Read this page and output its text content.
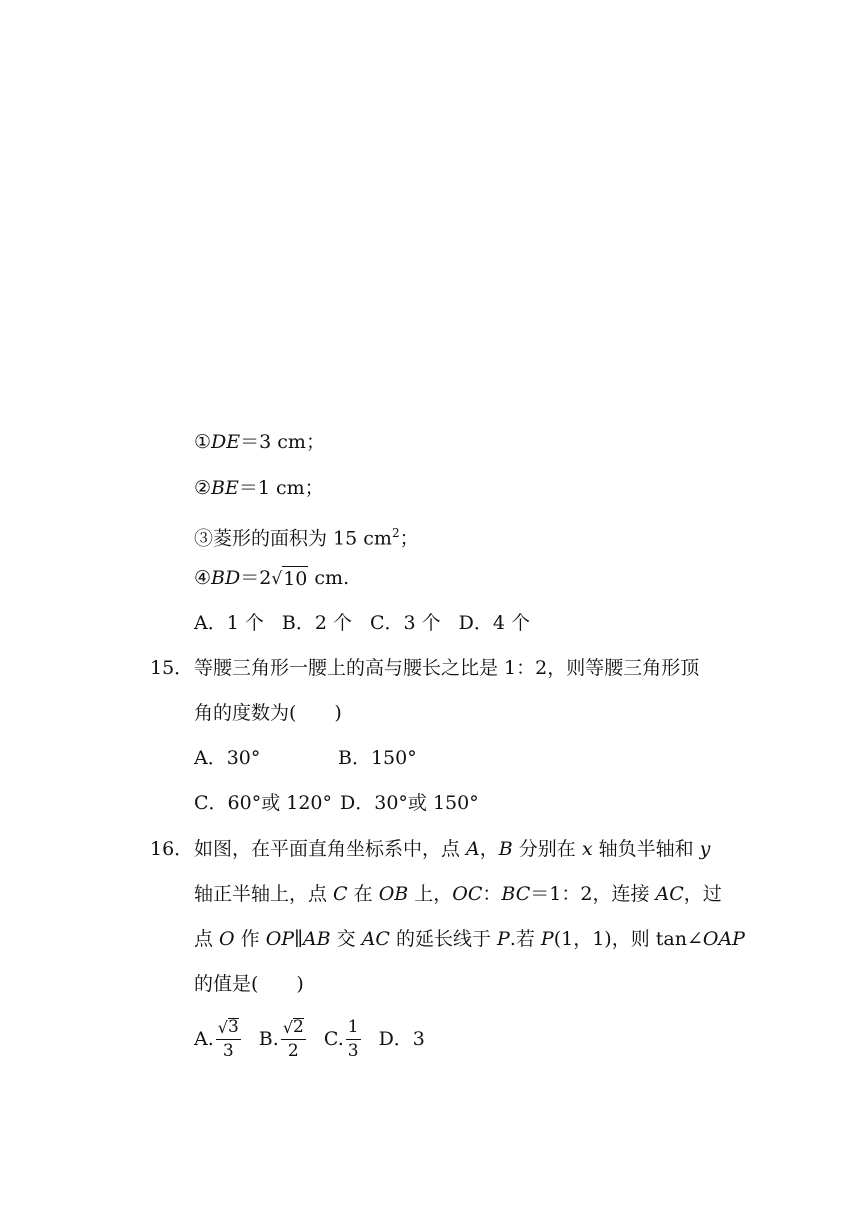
①DE＝3 cm；
②BE＝1 cm；
③菱形的面积为 15 $cm^2$；
④BD＝2 √ 10 cm.
A．1 个 B．2 个 C．3 个 D．4 个
15． 等腰三角形一腰上的高与腰长之比是 1：2，则等腰三角形顶
角的度数为(　　)
A．30°	B．150°
C．60°或 120° D．30°或 150°
16． 如图，在平面直角坐标系中，点 A，B 分别在 x 轴负半轴和 y
轴正半轴上，点 C 在 OB 上，OC：BC＝1：2，连接 AC，过
点 O 作 OP∥AB 交 AC 的延长线于 P.若 P(1，1)，则 tan∠OAP
的值是(　　)
A. $\frac{√ 3}{3} B$. $\frac{√ 2}{2} C$. $\frac{1}{3}$ D．3
